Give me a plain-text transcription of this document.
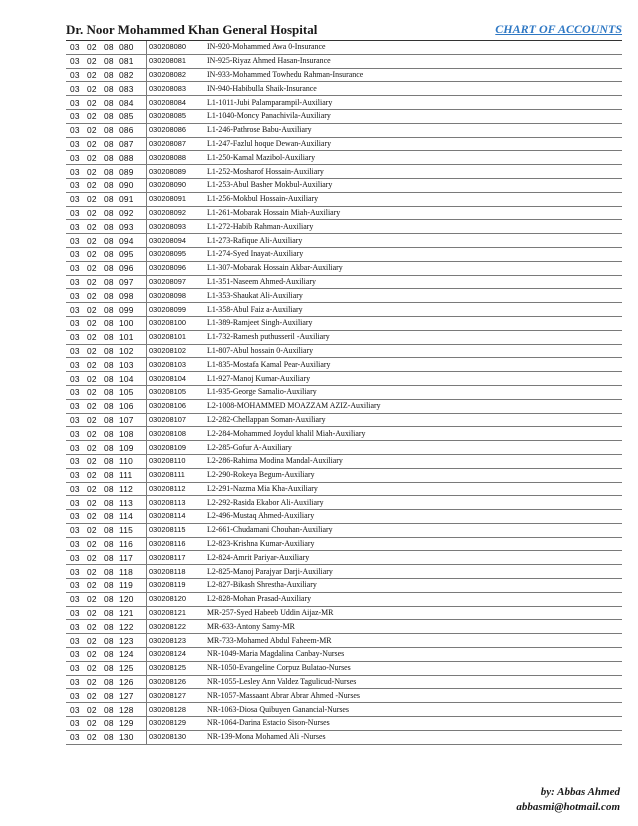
Dr. Noor Mohammed Khan General Hospital	CHART OF ACCOUNTS
03 02 08 080	030208080	IN-920-Mohammed Awa 0-Insurance
03 02 08 081	030208081	IN-925-Riyaz Ahmed Hasan-Insurance
03 02 08 082	030208082	IN-933-Mohammed Towhedu Rahman-Insurance
03 02 08 083	030208083	IN-940-Habibulla Shaik-Insurance
03 02 08 084	030208084	L1-1011-Jubi Palamparampil-Auxiliary
03 02 08 085	030208085	L1-1040-Moncy Panachivila-Auxiliary
03 02 08 086	030208086	L1-246-Pathrose Babu-Auxiliary
03 02 08 087	030208087	L1-247-Fazlul hoque Dewan-Auxiliary
03 02 08 088	030208088	L1-250-Kamal Mazibol-Auxiliary
03 02 08 089	030208089	L1-252-Mosharof Hossain-Auxiliary
03 02 08 090	030208090	L1-253-Abul Basher Mokbul-Auxiliary
03 02 08 091	030208091	L1-256-Mokbul Hossain-Auxiliary
03 02 08 092	030208092	L1-261-Mobarak Hossain Miah-Auxiliary
03 02 08 093	030208093	L1-272-Habib Rahman-Auxiliary
03 02 08 094	030208094	L1-273-Rafique Ali-Auxiliary
03 02 08 095	030208095	L1-274-Syed Inayat-Auxiliary
03 02 08 096	030208096	L1-307-Mobarak Hossain Akbar-Auxiliary
03 02 08 097	030208097	L1-351-Naseem Ahmed-Auxiliary
03 02 08 098	030208098	L1-353-Shaukat Ali-Auxiliary
03 02 08 099	030208099	L1-358-Abul Faiz a-Auxiliary
03 02 08 100	030208100	L1-389-Ramjeet Singh-Auxiliary
03 02 08 101	030208101	L1-732-Ramesh puthusseril -Auxiliary
03 02 08 102	030208102	L1-807-Abul hossain 0-Auxiliary
03 02 08 103	030208103	L1-835-Mostafa Kamal Pear-Auxiliary
03 02 08 104	030208104	L1-927-Manoj Kumar-Auxiliary
03 02 08 105	030208105	L1-935-George Samalio-Auxiliary
03 02 08 106	030208106	L2-1008-MOHAMMED MOAZZAM AZIZ-Auxiliary
03 02 08 107	030208107	L2-282-Chellappan Soman-Auxiliary
03 02 08 108	030208108	L2-284-Mohammed Joydul khalil Miah-Auxiliary
03 02 08 109	030208109	L2-285-Gofur A-Auxiliary
03 02 08 110	030208110	L2-286-Rahima Modina Mandal-Auxiliary
03 02 08 111	030208111	L2-290-Rokeya Begum-Auxiliary
03 02 08 112	030208112	L2-291-Nazma Mia Kha-Auxiliary
03 02 08 113	030208113	L2-292-Rasida Ekabor Ali-Auxiliary
03 02 08 114	030208114	L2-496-Mustaq Ahmed-Auxiliary
03 02 08 115	030208115	L2-661-Chudamani Chouhan-Auxiliary
03 02 08 116	030208116	L2-823-Krishna Kumar-Auxiliary
03 02 08 117	030208117	L2-824-Amrit Pariyar-Auxiliary
03 02 08 118	030208118	L2-825-Manoj Parajyar Darji-Auxiliary
03 02 08 119	030208119	L2-827-Bikash Shrestha-Auxiliary
03 02 08 120	030208120	L2-828-Mohan Prasad-Auxiliary
03 02 08 121	030208121	MR-257-Syed Habeeb Uddin Aijaz-MR
03 02 08 122	030208122	MR-633-Antony Samy-MR
03 02 08 123	030208123	MR-733-Mohamed Abdul Faheem-MR
03 02 08 124	030208124	NR-1049-Maria Magdalina Canbay-Nurses
03 02 08 125	030208125	NR-1050-Evangeline Corpuz Bulatao-Nurses
03 02 08 126	030208126	NR-1055-Lesley Ann Valdez Tagulicud-Nurses
03 02 08 127	030208127	NR-1057-Massaant Abrar Abrar Ahmed -Nurses
03 02 08 128	030208128	NR-1063-Diosa Quibuyen Ganancial-Nurses
03 02 08 129	030208129	NR-1064-Darina Estacio Sison-Nurses
03 02 08 130	030208130	NR-139-Mona Mohamed Ali -Nurses
by: Abbas Ahmed
abbasmi@hotmail.com
